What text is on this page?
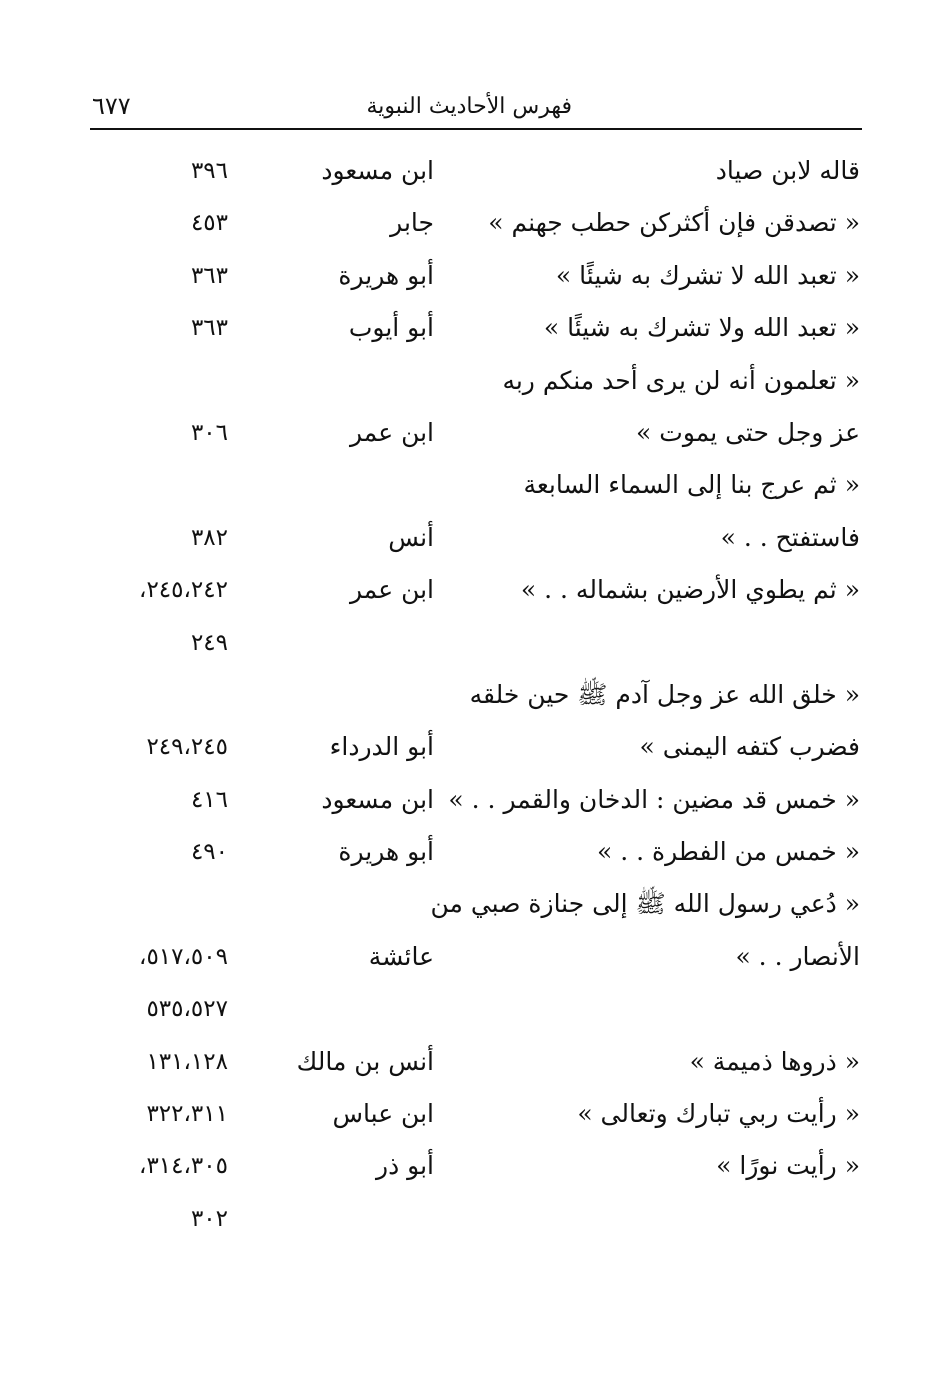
فهرس الأحاديث النبوية
٦٧٧
قاله لابن صياد
ابن مسعود
٣٩٦
« تصدقن فإن أكثركن حطب جهنم »
جابر
٤٥٣
« تعبد الله لا تشرك به شيئًا »
أبو هريرة
٣٦٣
« تعبد الله ولا تشرك به شيئًا »
أبو أيوب
٣٦٣
« تعلمون أنه لن يرى أحد منكم ربه
عز وجل حتى يموت »
ابن عمر
٣٠٦
« ثم عرج بنا إلى السماء السابعة
فاستفتح . . »
أنس
٣٨٢
« ثم يطوي الأرضين بشماله . . »
ابن عمر
٢٤٥،٢٤٢،
٢٤٩
« خلق الله عز وجل آدم ﷺ حين خلقه
فضرب كتفه اليمنى »
أبو الدرداء
٢٤٩،٢٤٥
« خمس قد مضين : الدخان والقمر . . »
ابن مسعود
٤١٦
« خمس من الفطرة . . »
أبو هريرة
٤٩٠
« دُعي رسول الله ﷺ إلى جنازة صبي من
الأنصار . . »
عائشة
٥١٧،٥٠٩،
٥٣٥،٥٢٧
« ذروها ذميمة »
أنس بن مالك
١٣١،١٢٨
« رأيت ربي تبارك وتعالى »
ابن عباس
٣٢٢،٣١١
« رأيت نورًا »
أبو ذر
٣١٤،٣٠٥،
٣٠٢
